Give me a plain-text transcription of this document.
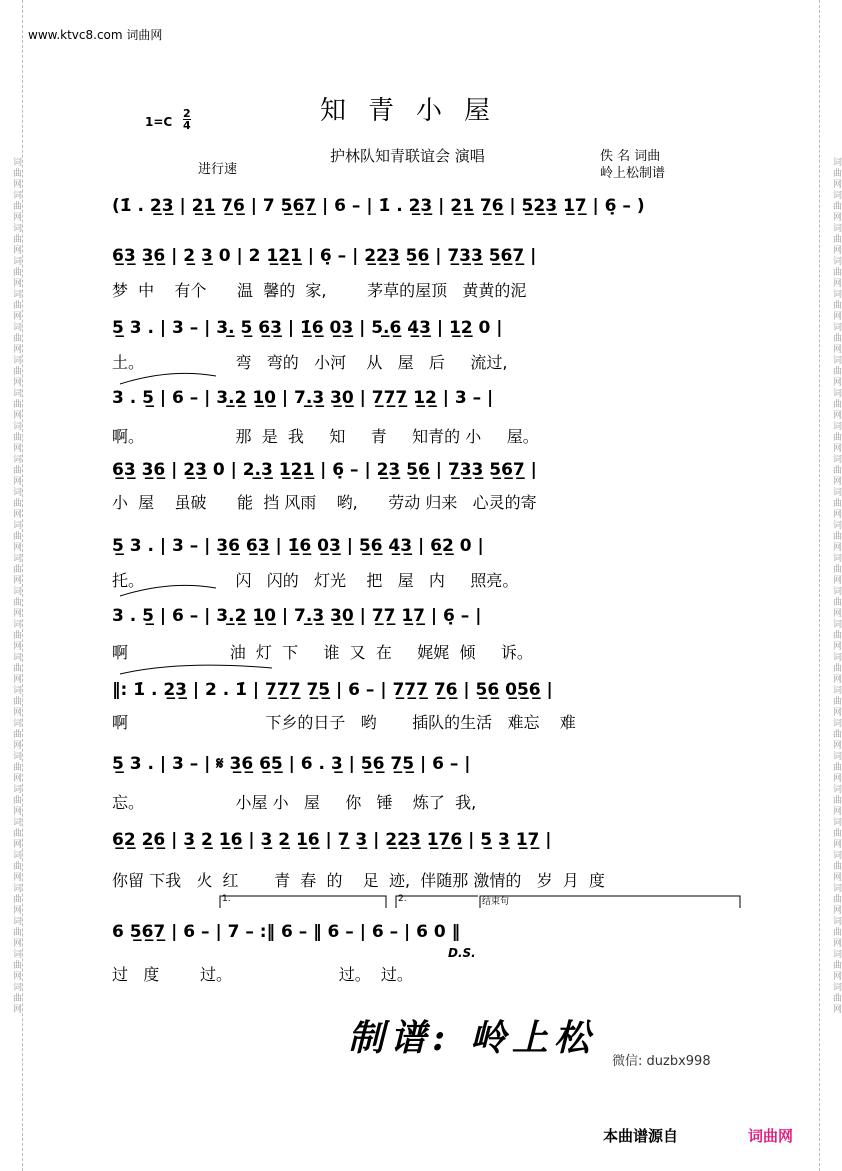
词曲网词曲网词曲网词曲网词曲网词曲网词曲网词曲网词曲网词曲网词曲网词曲网词曲网词曲网词曲网词曲网词曲网词曲网词曲网词曲网词曲网词曲网词曲网词曲网词曲网词曲网	词曲网词曲网词曲网词曲网词曲网词曲网词曲网词曲网词曲网词曲网词曲网词曲网词曲网词曲网词曲网词曲网词曲网词曲网词曲网词曲网词曲网词曲网词曲网词曲网词曲网词曲网
www.ktvc8.com 词曲网
1=C
2
4	知青小屋
护林队知青联谊会 演唱	佚 名 词曲
岭上松制谱
进行速
(1̇ . 2̲3̲ | 2̲1̲ 7̲6̲ | 7 5̲6̲7̲ | 6 – | 1̇ . 2̲3̲ | 2̲1̲ 7̲6̲ | 5̲2̲3̲ 1̲7̲ | 6̣ – )
6̲3̲ 3̲6̲ | 2̲ 3̲ 0 | 2 1̲2̲1̲ | 6̣ – | 2̲2̲3̲ 5̲6̲ | 7̲3̲3̲ 5̲6̲7̲ |
梦  中    有个      温  馨的  家,        茅草的屋顶   黄黄的泥
5̲ 3 . | 3 – | 3.̲ 5̲ 6̲3̲ | 1̲̇6̲ 0̲3̲ | 5.̲6̲ 4̲3̲ | 1̲2̲ 0 |
土。                  弯   弯的   小河    从   屋   后     流过,
3 . 5̲ | 6 – | 3.̲2̲ 1̲0̲ | 7.̲3̲ 3̲0̲ | 7̲7̲7̲ 1̲2̲ | 3 – |
啊。                  那  是  我     知     青     知青的 小     屋。
6̲3̲ 3̲6̲ | 2̲3̲ 0 | 2.̲3̲ 1̲2̲1̲ | 6̣ – | 2̲3̲ 5̲6̲ | 7̲3̲3̲ 5̲6̲7̲ |
小  屋    虽破      能  挡 风雨    哟,      劳动 归来   心灵的寄
5̲ 3 . | 3 – | 3̲6̲ 6̲3̲ | 1̲̇6̲ 0̲3̲ | 5̲6̲ 4̲3̲ | 6̲2̲ 0 |
托。                  闪   闪的   灯光    把   屋   内     照亮。
3 . 5̲ | 6 – | 3.̲2̲ 1̲0̲ | 7.̲3̲ 3̲0̲ | 7̲7̲ 1̲7̲ | 6̣ – |
啊                    油  灯  下     谁  又  在     娓娓  倾     诉。
‖: 1̇ . 2̲3̲ | 2 . 1̇ | 7̲7̲7̲ 7̲5̲ | 6 – | 7̲7̲7̲ 7̲6̲ | 5̲6̲ 0̲5̲6̲ |
啊                           下乡的日子   哟       插队的生活   难忘    难
5̲ 3 . | 3 – | 𝄋 3̲6̲ 6̲5̲ | 6 . 3̲ | 5̲6̲ 7̲5̲ | 6 – |
忘。                  小屋 小   屋     你   锤    炼了  我,
6̲2̲ 2̲6̲ | 3̲ 2̲ 1̲6̲ | 3̲ 2̲ 1̲6̲ | 7̲ 3̲ | 2̲2̲3̲ 1̲7̲6̲ | 5̲ 3̲ 1̲7̲ |
你留 下我   火  红       青  春  的    足  迹,  伴随那 激情的   岁  月  度
1.	2.	结束句
6 5̲6̲7̲ | 6 – | 7 – :‖ 6 – ‖ 6 – | 6 – | 6 0 ‖
D.S.
过   度        过。                     过。  过。
制谱: 岭上松
微信: duzbx998
本曲谱源自	词曲网
